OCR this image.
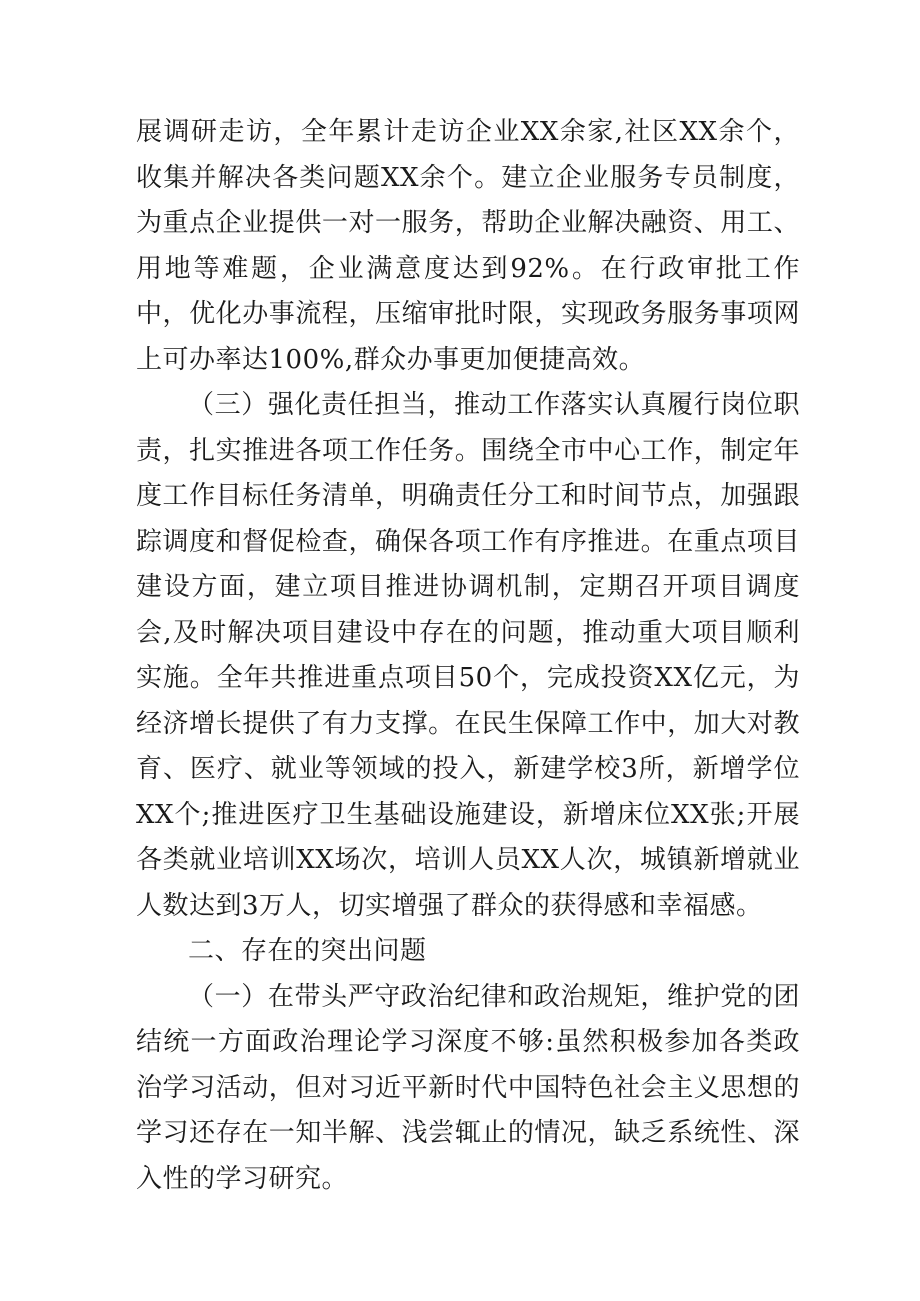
展调研走访，全年累计走访企业XX余家,社区XX余个，收集并解决各类问题XX余个。建立企业服务专员制度，为重点企业提供一对一服务，帮助企业解决融资、用工、用地等难题，企业满意度达到92%。在行政审批工作中，优化办事流程，压缩审批时限，实现政务服务事项网上可办率达100%,群众办事更加便捷高效。

（三）强化责任担当，推动工作落实认真履行岗位职责，扎实推进各项工作任务。围绕全市中心工作，制定年度工作目标任务清单，明确责任分工和时间节点，加强跟踪调度和督促检查，确保各项工作有序推进。在重点项目建设方面，建立项目推进协调机制，定期召开项目调度会,及时解决项目建设中存在的问题，推动重大项目顺利实施。全年共推进重点项目50个，完成投资XX亿元，为经济增长提供了有力支撑。在民生保障工作中，加大对教育、医疗、就业等领域的投入，新建学校3所，新增学位XX个;推进医疗卫生基础设施建设，新增床位XX张;开展各类就业培训XX场次，培训人员XX人次，城镇新增就业人数达到3万人，切实增强了群众的获得感和幸福感。

二、存在的突出问题

（一）在带头严守政治纪律和政治规矩，维护党的团结统一方面政治理论学习深度不够:虽然积极参加各类政治学习活动，但对习近平新时代中国特色社会主义思想的学习还存在一知半解、浅尝辄止的情况，缺乏系统性、深入性的学习研究。
